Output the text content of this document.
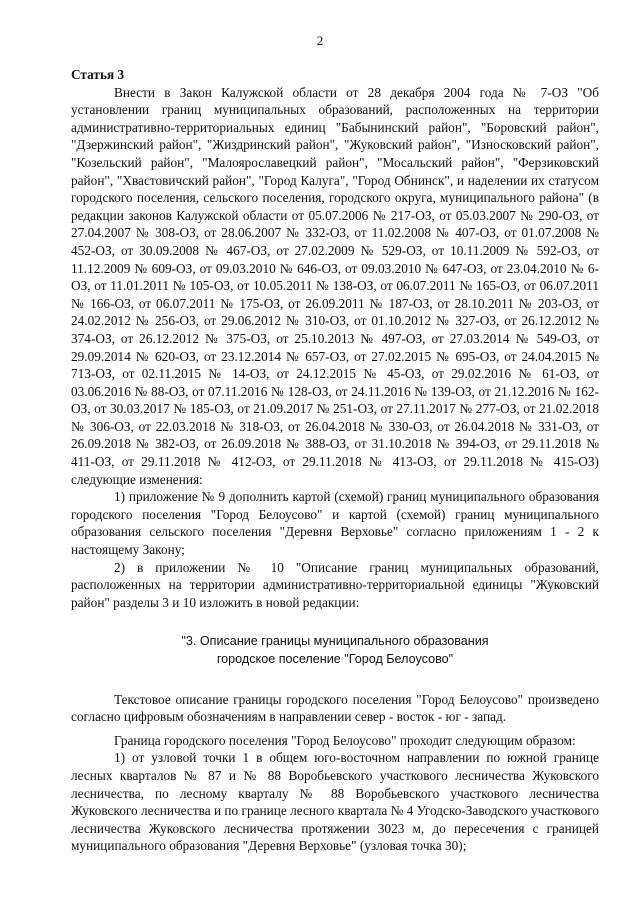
2

Статья 3

Внести в Закон Калужской области от 28 декабря 2004 года № 7-ОЗ "Об установлении границ муниципальных образований, расположенных на территории административно-территориальных единиц "Бабынинский район", "Боровский район", "Дзержинский район", "Жиздринский район", "Жуковский район", "Износковский район", "Козельский район", "Малоярославецкий район", "Мосальский район", "Ферзиковский район", "Хвастовичский район", "Город Калуга", "Город Обнинск", и наделении их статусом городского поселения, сельского поселения, городского округа, муниципального района" (в редакции законов Калужской области от 05.07.2006 № 217-ОЗ, от 05.03.2007 № 290-ОЗ, от 27.04.2007 № 308-ОЗ, от 28.06.2007 № 332-ОЗ, от 11.02.2008 № 407-ОЗ, от 01.07.2008 № 452-ОЗ, от 30.09.2008 № 467-ОЗ, от 27.02.2009 № 529-ОЗ, от 10.11.2009 № 592-ОЗ, от 11.12.2009 № 609-ОЗ, от 09.03.2010 № 646-ОЗ, от 09.03.2010 № 647-ОЗ, от 23.04.2010 № 6-ОЗ, от 11.01.2011 № 105-ОЗ, от 10.05.2011 № 138-ОЗ, от 06.07.2011 № 165-ОЗ, от 06.07.2011 № 166-ОЗ, от 06.07.2011 № 175-ОЗ, от 26.09.2011 № 187-ОЗ, от 28.10.2011 № 203-ОЗ, от 24.02.2012 № 256-ОЗ, от 29.06.2012 № 310-ОЗ, от 01.10.2012 № 327-ОЗ, от 26.12.2012 № 374-ОЗ, от 26.12.2012 № 375-ОЗ, от 25.10.2013 № 497-ОЗ, от 27.03.2014 № 549-ОЗ, от 29.09.2014 № 620-ОЗ, от 23.12.2014 № 657-ОЗ, от 27.02.2015 № 695-ОЗ, от 24.04.2015 № 713-ОЗ, от 02.11.2015 № 14-ОЗ, от 24.12.2015 № 45-ОЗ, от 29.02.2016 № 61-ОЗ, от 03.06.2016 № 88-ОЗ, от 07.11.2016 № 128-ОЗ, от 24.11.2016 № 139-ОЗ, от 21.12.2016 № 162-ОЗ, от 30.03.2017 № 185-ОЗ, от 21.09.2017 № 251-ОЗ, от 27.11.2017 № 277-ОЗ, от 21.02.2018 № 306-ОЗ, от 22.03.2018 № 318-ОЗ, от 26.04.2018 № 330-ОЗ, от 26.04.2018 № 331-ОЗ, от 26.09.2018 № 382-ОЗ, от 26.09.2018 № 388-ОЗ, от 31.10.2018 № 394-ОЗ, от 29.11.2018 № 411-ОЗ, от 29.11.2018 № 412-ОЗ, от 29.11.2018 № 413-ОЗ, от 29.11.2018 № 415-ОЗ) следующие изменения:

1) приложение № 9 дополнить картой (схемой) границ муниципального образования городского поселения "Город Белоусово" и картой (схемой) границ муниципального образования сельского поселения "Деревня Верховье" согласно приложениям 1 - 2 к настоящему Закону;

2) в приложении № 10 "Описание границ муниципальных образований, расположенных на территории административно-территориальной единицы "Жуковский район" разделы 3 и 10 изложить в новой редакции:

"3. Описание границы муниципального образования
городское поселение "Город Белоусово"

Текстовое описание границы городского поселения "Город Белоусово" произведено согласно цифровым обозначениям в направлении север - восток - юг - запад.

Граница городского поселения "Город Белоусово" проходит следующим образом:

1) от узловой точки 1 в общем юго-восточном направлении по южной границе лесных кварталов № 87 и № 88 Воробьевского участкового лесничества Жуковского лесничества, по лесному кварталу № 88 Воробьевского участкового лесничества Жуковского лесничества и по границе лесного квартала № 4 Угодско-Заводского участкового лесничества Жуковского лесничества протяжении 3023 м, до пересечения с границей муниципального образования "Деревня Верховье" (узловая точка 30);
